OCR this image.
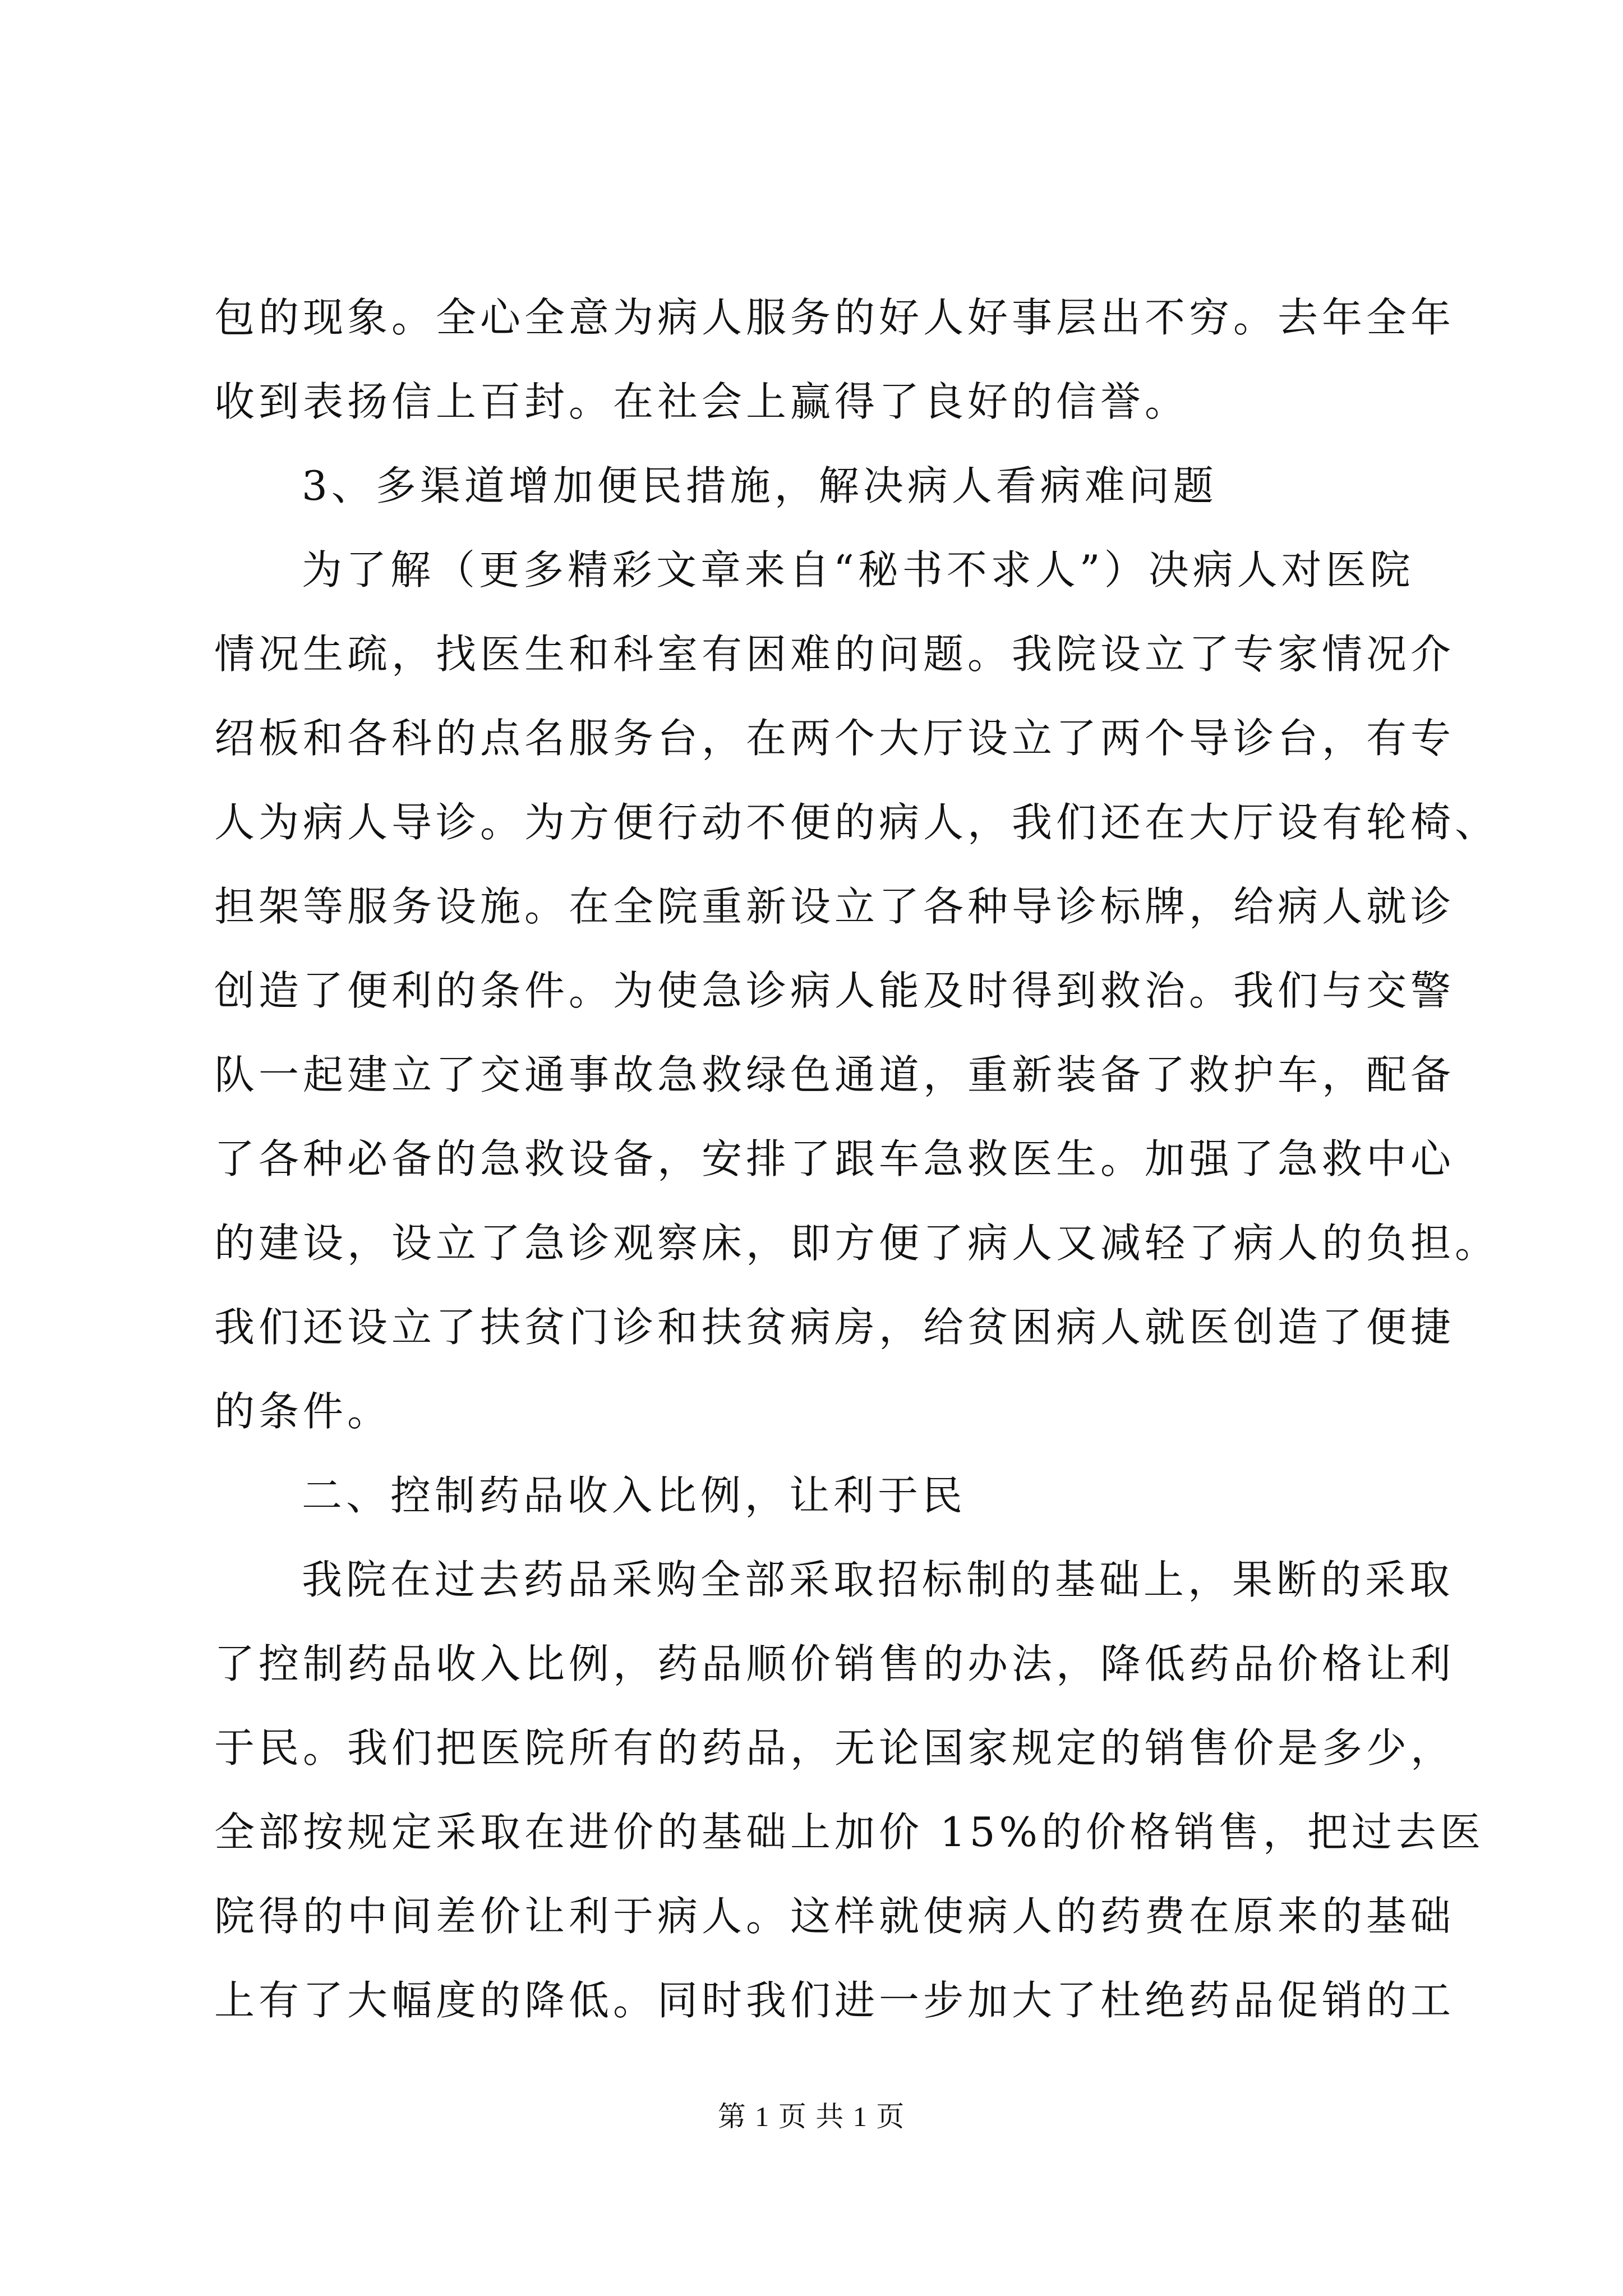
包的现象。全心全意为病人服务的好人好事层出不穷。去年全年
收到表扬信上百封。在社会上赢得了良好的信誉。
3、多渠道增加便民措施，解决病人看病难问题
为了解（更多精彩文章来自“秘书不求人”）决病人对医院
情况生疏，找医生和科室有困难的问题。我院设立了专家情况介
绍板和各科的点名服务台，在两个大厅设立了两个导诊台，有专
人为病人导诊。为方便行动不便的病人，我们还在大厅设有轮椅、
担架等服务设施。在全院重新设立了各种导诊标牌，给病人就诊
创造了便利的条件。为使急诊病人能及时得到救治。我们与交警
队一起建立了交通事故急救绿色通道，重新装备了救护车，配备
了各种必备的急救设备，安排了跟车急救医生。加强了急救中心
的建设，设立了急诊观察床，即方便了病人又减轻了病人的负担。
我们还设立了扶贫门诊和扶贫病房，给贫困病人就医创造了便捷
的条件。
二、控制药品收入比例，让利于民
我院在过去药品采购全部采取招标制的基础上，果断的采取
了控制药品收入比例，药品顺价销售的办法，降低药品价格让利
于民。我们把医院所有的药品，无论国家规定的销售价是多少，
全部按规定采取在进价的基础上加价 15%的价格销售，把过去医
院得的中间差价让利于病人。这样就使病人的药费在原来的基础
上有了大幅度的降低。同时我们进一步加大了杜绝药品促销的工
第 1 页 共 1 页
